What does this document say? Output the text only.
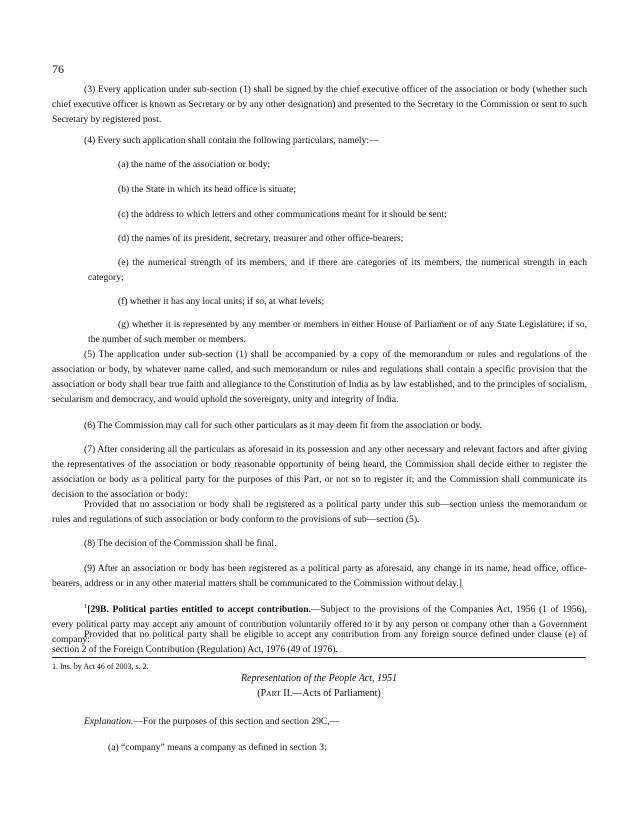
76

(3) Every application under sub-section (1) shall be signed by the chief executive officer of the association or body (whether such chief executive officer is known as Secretary or by any other designation) and presented to the Secretary to the Commission or sent to such Secretary by registered post.

(4) Every such application shall contain the following particulars, namely:—

(a) the name of the association or body;

(b) the State in which its head office is situate;

(c) the address to which letters and other communications meant for it should be sent;

(d) the names of its president, secretary, treasurer and other office-bearers;

(e) the numerical strength of its members, and if there are categories of its members, the numerical strength in each category;

(f) whether it has any local units; if so, at what levels;

(g) whether it is represented by any member or members in either House of Parliament or of any State Legislature; if so, the number of such member or members.

(5) The application under sub-section (1) shall be accompanied by a copy of the memorandum or rules and regulations of the association or body, by whatever name called, and such memorandum or rules and regulations shall contain a specific provision that the association or body shall bear true faith and allegiance to the Constitution of India as by law established, and to the principles of socialism, secularism and democracy, and would uphold the sovereignty, unity and integrity of India.

(6) The Commission may call for such other particulars as it may deem fit from the association or body.

(7) After considering all the particulars as aforesaid in its possession and any other necessary and relevant factors and after giving the representatives of the association or body reasonable opportunity of being heard, the Commission shall decide either to register the association or body as a political party for the purposes of this Part, or not so to register it; and the Commission shall communicate its decision to the association or body:

Provided that no association or body shall be registered as a political party under this sub—section unless the memorandum or rules and regulations of such association or body conform to the provisions of sub—section (5).

(8) The decision of the Commission shall be final.

(9) After an association or body has been registered as a political party as aforesaid, any change in its name, head office, office-bearers, address or in any other material matters shall be communicated to the Commission without delay.]

$^1$[29B. Political parties entitled to accept contribution.—Subject to the provisions of the Companies Act, 1956 (1 of 1956), every political party may accept any amount of contribution voluntarily offered to it by any person or company other than a Government company:

Provided that no political party shall be eligible to accept any contribution from any foreign source defined under clause (e) of section 2 of the Foreign Contribution (Regulation) Act, 1976 (49 of 1976).

1. Ins. by Act 46 of 2003, s. 2.
Representation of the People Act, 1951
(PART II.—Acts of Parliament)

Explanation.—For the purposes of this section and section 29C,—

(a) “company” means a company as defined in section 3;
